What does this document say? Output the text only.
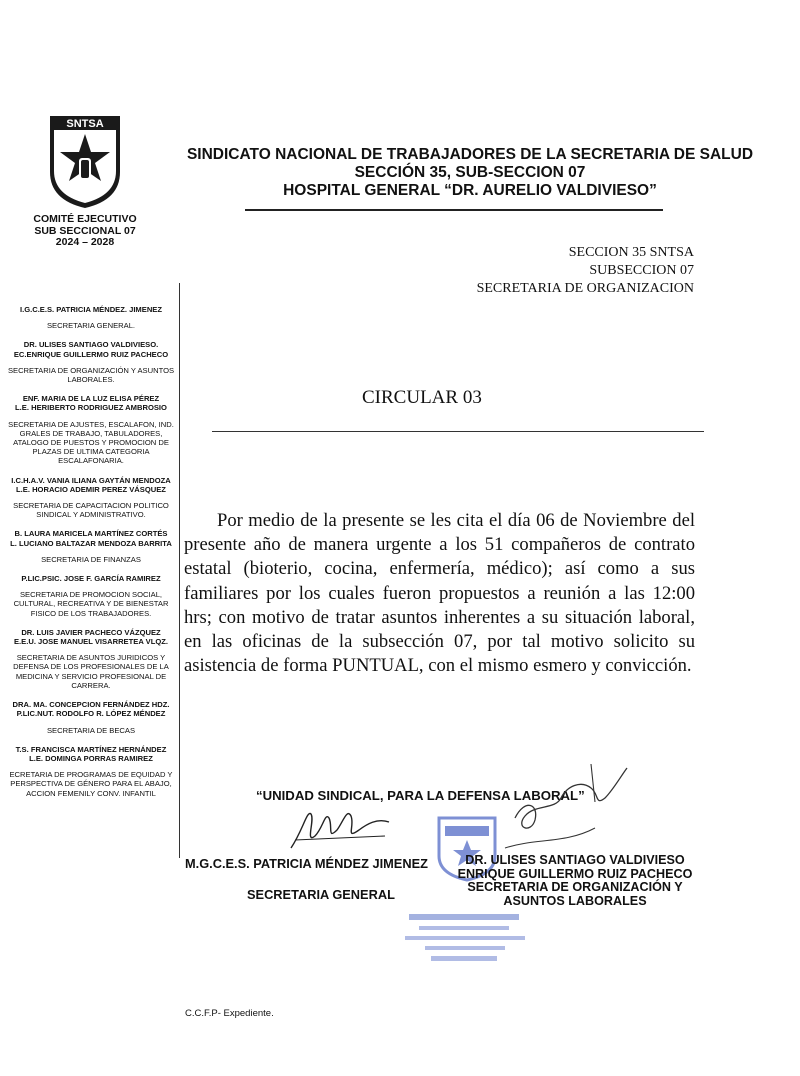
SNTSA
COMITÉ EJECUTIVO
SUB SECCIONAL 07
2024 – 2028
SINDICATO NACIONAL DE TRABAJADORES DE LA SECRETARIA DE SALUD
SECCIÓN 35, SUB-SECCION 07
HOSPITAL GENERAL “DR. AURELIO VALDIVIESO”
SECCION 35 SNTSA
SUBSECCION 07
SECRETARIA DE ORGANIZACION
I.G.C.E.S. PATRICIA MÉNDEZ. JIMENEZ
SECRETARIA GENERAL.
DR. ULISES SANTIAGO VALDIVIESO.
EC.ENRIQUE GUILLERMO RUIZ PACHECO
SECRETARIA DE ORGANIZACIÓN Y ASUNTOS LABORALES.
ENF. MARIA DE LA LUZ ELISA PÉREZ
L.E. HERIBERTO RODRIGUEZ AMBROSIO
SECRETARIA DE AJUSTES, ESCALAFON, IND. GRALES DE TRABAJO, TABULADORES, ATALOGO DE PUESTOS Y PROMOCION DE PLAZAS DE ULTIMA CATEGORIA ESCALAFONARIA.
I.C.H.A.V. VANIA ILIANA GAYTÁN MENDOZA
L.E. HORACIO ADEMIR PEREZ VÁSQUEZ
SECRETARIA DE CAPACITACION POLITICO SINDICAL Y ADMINISTRATIVO.
B. LAURA MARICELA MARTÍNEZ CORTÉS
L. LUCIANO BALTAZAR MENDOZA BARRITA
SECRETARIA DE FINANZAS
P.LIC.PSIC. JOSE F. GARCÍA RAMIREZ
SECRETARIA DE PROMOCION SOCIAL, CULTURAL, RECREATIVA Y DE BIENESTAR FISICO DE LOS TRABAJADORES.
DR. LUIS JAVIER PACHECO VÁZQUEZ
E.E.U. JOSE MANUEL VISARRETEA VLQZ.
SECRETARIA DE ASUNTOS JURIDICOS Y DEFENSA DE LOS PROFESIONALES DE LA MEDICINA Y SERVICIO PROFESIONAL DE CARRERA.
DRA. MA. CONCEPCION FERNÁNDEZ HDZ.
P.LIC.NUT. RODOLFO R. LÓPEZ MÉNDEZ
SECRETARIA DE BECAS
T.S. FRANCISCA MARTÍNEZ HERNÁNDEZ
L.E. DOMINGA PORRAS RAMIREZ
ECRETARIA DE PROGRAMAS DE EQUIDAD Y PERSPECTIVA DE GÉNERO PARA EL ABAJO, ACCION FEMENILY CONV. INFANTIL
CIRCULAR 03
Por medio de la presente se les cita el día 06 de Noviembre del presente año de manera urgente a los 51 compañeros de contrato estatal (bioterio, cocina, enfermería, médico); así como a sus familiares por los cuales fueron propuestos a reunión a las 12:00 hrs; con motivo de tratar asuntos inherentes a su situación laboral, en las oficinas de la subsección 07, por tal motivo solicito su asistencia de forma PUNTUAL, con el mismo esmero y convicción.
“UNIDAD SINDICAL, PARA LA DEFENSA LABORAL”
M.G.C.E.S. PATRICIA MÉNDEZ JIMENEZ
SECRETARIA GENERAL
DR. ULISES SANTIAGO VALDIVIESO
ENRIQUE GUILLERMO RUIZ PACHECO
SECRETARIA DE ORGANIZACIÓN Y
ASUNTOS LABORALES
C.C.F.P- Expediente.
